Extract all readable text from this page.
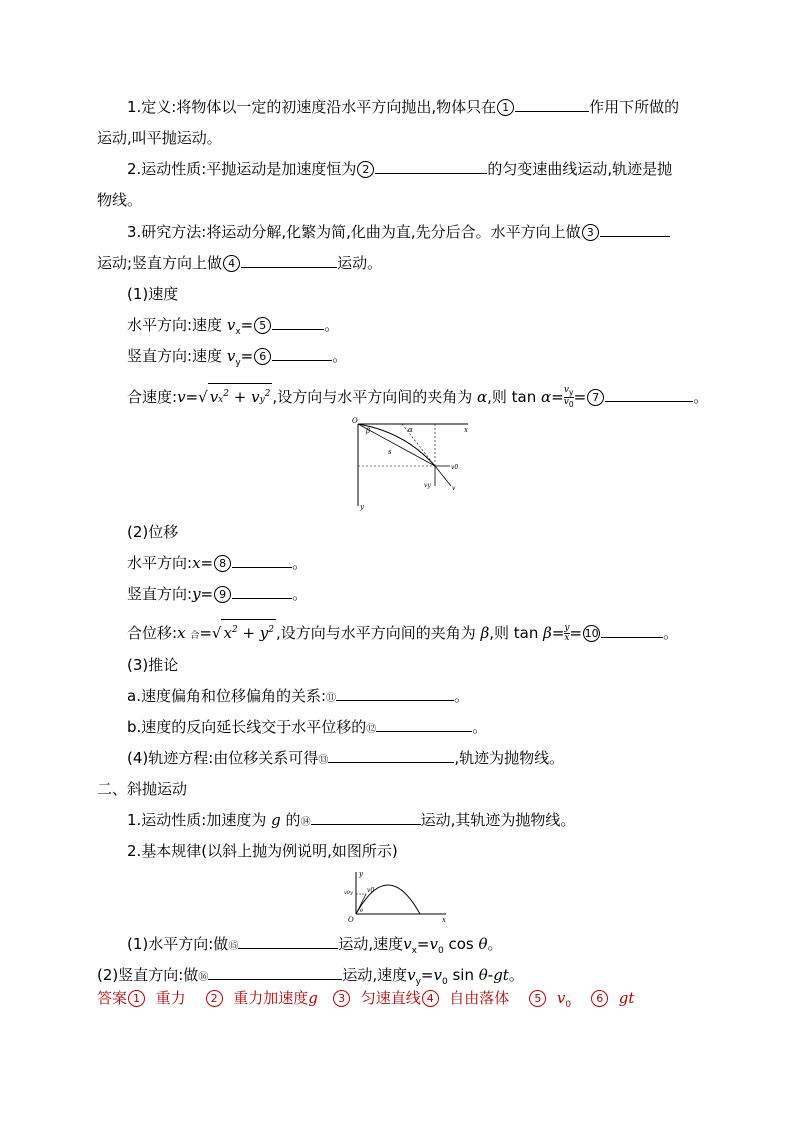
1.定义:将物体以一定的初速度沿水平方向抛出,物体只在 1	作用下所做的
运动,叫平抛运动。
2.运动性质:平抛运动是加速度恒为 2	的匀变速曲线运动,轨迹是抛
物线。
3.研究方法:将运动分解,化繁为简,化曲为直,先分后合。水平方向上做 3
运动;竖直方向上做 4	运动。
(1)速度
水平方向:速度 $v_x= 5$	。
竖直方向:速度 $v_y= 6$	。
合速度:v=√ $vx^2 + vy^2$ ,设方向与水平方向间的夹角为 α,则 $\tan \alpha= \frac{v_y}{v_0} = 7$	。
O
x
y
β	α
s
v0
vy	v
(2)位移
水平方向:x= 8	。
竖直方向:y= 9	。
合位移:x 合=√ $x^2 + y^2$ ,设方向与水平方向间的夹角为 β,则 $\tan \beta= \frac{y}{x} = 10$	。
(3)推论
a.速度偏角和位移偏角的关系:⑪	。
b.速度的反向延长线交于水平位移的⑫	。
(4)轨迹方程:由位移关系可得⑬	,轨迹为抛物线。
二、斜抛运动
1.运动性质:加速度为 g 的⑭	运动,其轨迹为抛物线。
2.基本规律(以斜上抛为例说明,如图所示)
y
x
O
v0
v0y
θ
(1)水平方向:做⑮	运动,速度$v_x=v_0$ cos θ。
(2)竖直方向:做⑯	运动,速度$v_y=v_0$ sin θ-gt。
答案 1 重力 2 重力加速度g 3 匀速直线 4 自由落体 5 $v_0$ 6 gt
